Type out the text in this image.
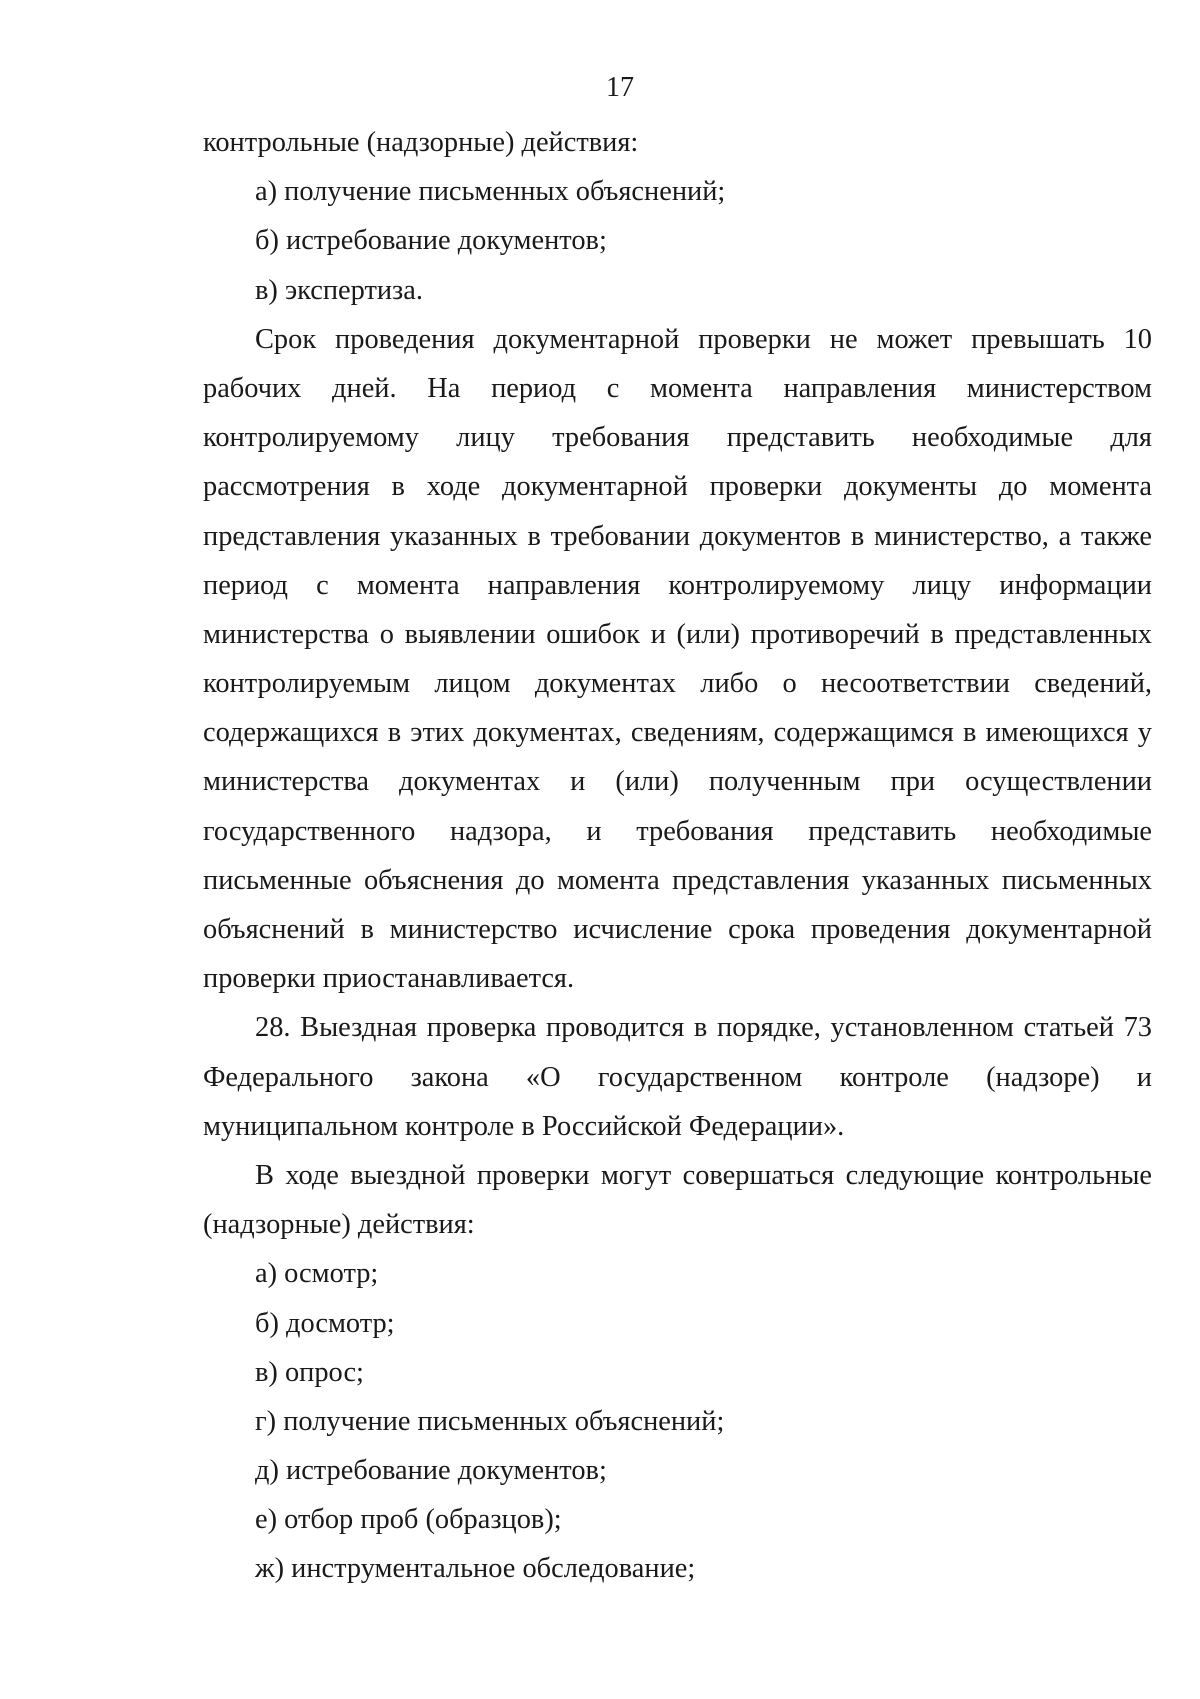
17
контрольные (надзорные) действия:
а) получение письменных объяснений;
б) истребование документов;
в) экспертиза.
Срок проведения документарной проверки не может превышать 10
рабочих дней. На период с момента направления министерством
контролируемому лицу требования представить необходимые для
рассмотрения в ходе документарной проверки документы до момента
представления указанных в требовании документов в министерство, а также
период с момента направления контролируемому лицу информации
министерства о выявлении ошибок и (или) противоречий в представленных
контролируемым лицом документах либо о несоответствии сведений,
содержащихся в этих документах, сведениям, содержащимся в имеющихся у
министерства документах и (или) полученным при осуществлении
государственного надзора, и требования представить необходимые
письменные объяснения до момента представления указанных письменных
объяснений в министерство исчисление срока проведения документарной
проверки приостанавливается.
28. Выездная проверка проводится в порядке, установленном статьей 73
Федерального закона «О государственном контроле (надзоре) и
муниципальном контроле в Российской Федерации».
В ходе выездной проверки могут совершаться следующие контрольные
(надзорные) действия:
а) осмотр;
б) досмотр;
в) опрос;
г) получение письменных объяснений;
д) истребование документов;
е) отбор проб (образцов);
ж) инструментальное обследование;
